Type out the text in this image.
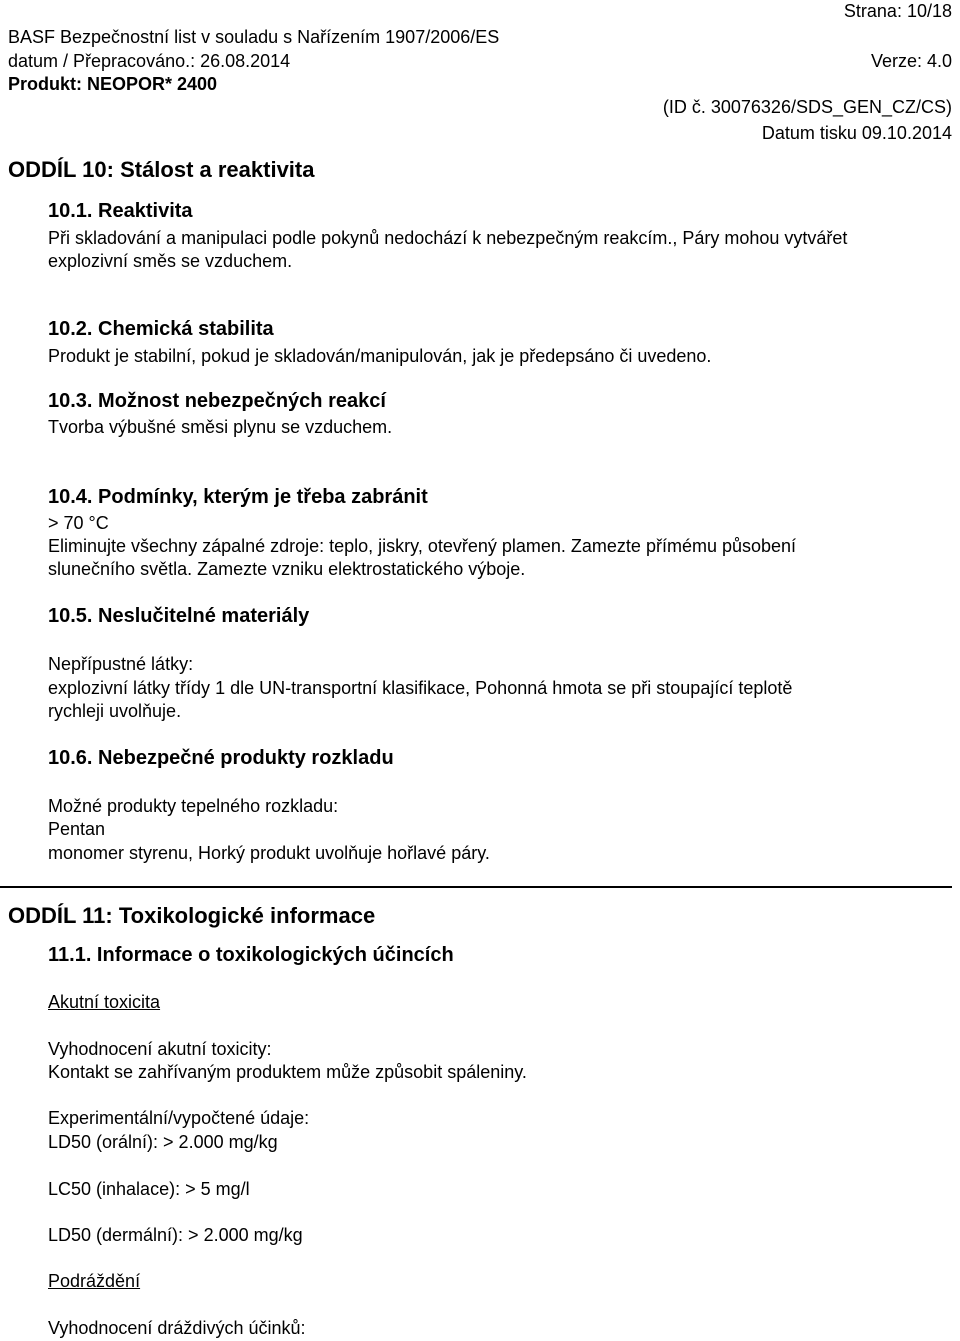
Strana: 10/18
BASF Bezpečnostní list v souladu s Nařízením 1907/2006/ES
datum / Přepracováno.: 26.08.2014	Verze: 4.0
Produkt: NEOPOR* 2400
(ID č. 30076326/SDS_GEN_CZ/CS)
Datum tisku 09.10.2014
ODDÍL 10: Stálost a reaktivita
10.1. Reaktivita
Při skladování a manipulaci podle pokynů nedochází k nebezpečným reakcím., Páry mohou vytvářet
explozivní směs se vzduchem.
10.2. Chemická stabilita
Produkt je stabilní, pokud je skladován/manipulován, jak je předepsáno či uvedeno.
10.3. Možnost nebezpečných reakcí
Tvorba výbušné směsi plynu se vzduchem.
10.4. Podmínky, kterým je třeba zabránit
> 70 °C
Eliminujte všechny zápalné zdroje: teplo, jiskry, otevřený plamen. Zamezte přímému působení
slunečního světla. Zamezte vzniku elektrostatického výboje.
10.5. Neslučitelné materiály
Nepřípustné látky:
explozivní látky třídy 1 dle UN-transportní klasifikace, Pohonná hmota se při stoupající teplotě
rychleji uvolňuje.
10.6. Nebezpečné produkty rozkladu
Možné produkty tepelného rozkladu:
Pentan
monomer styrenu, Horký produkt uvolňuje hořlavé páry.
ODDÍL 11: Toxikologické informace
11.1. Informace o toxikologických účincích
Akutní toxicita
Vyhodnocení akutní toxicity:
Kontakt se zahřívaným produktem může způsobit spáleniny.
Experimentální/vypočtené údaje:
LD50 (orální): > 2.000 mg/kg
LC50 (inhalace): > 5 mg/l
LD50 (dermální): > 2.000 mg/kg
Podráždění
Vyhodnocení dráždivých účinků:
